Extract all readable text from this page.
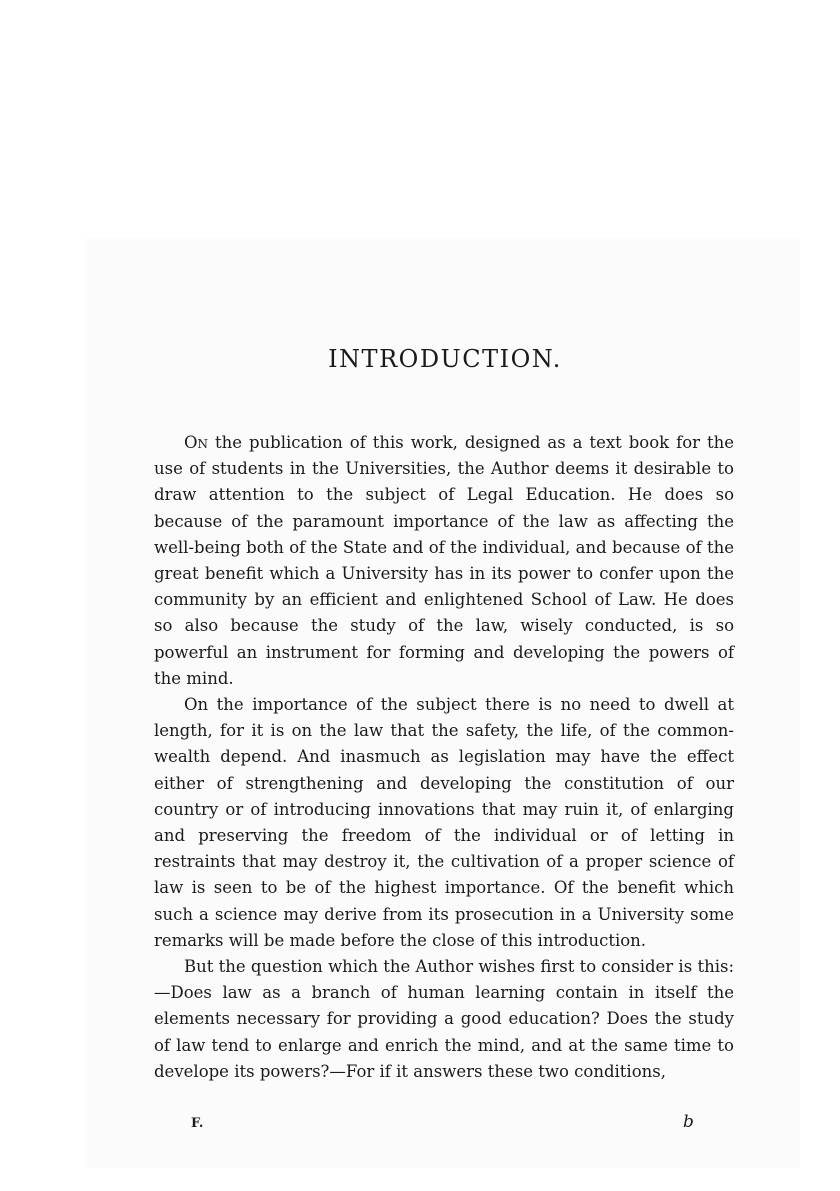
INTRODUCTION.

On the publication of this work, designed as a text book for the use of students in the Universities, the Author deems it desirable to draw attention to the subject of Legal Education. He does so because of the paramount importance of the law as affecting the well-being both of the State and of the individual, and because of the great benefit which a University has in its power to confer upon the community by an efficient and enlightened School of Law. He does so also because the study of the law, wisely conducted, is so powerful an instrument for forming and developing the powers of the mind.

On the importance of the subject there is no need to dwell at length, for it is on the law that the safety, the life, of the commonwealth depend. And inasmuch as legislation may have the effect either of strengthening and developing the constitution of our country or of introducing innovations that may ruin it, of enlarging and preserving the freedom of the individual or of letting in restraints that may destroy it, the cultivation of a proper science of law is seen to be of the highest importance. Of the benefit which such a science may derive from its prosecution in a University some remarks will be made before the close of this introduction.

But the question which the Author wishes first to consider is this:—Does law as a branch of human learning contain in itself the elements necessary for providing a good education? Does the study of law tend to enlarge and enrich the mind, and at the same time to develope its powers?—For if it answers these two conditions,

F.	b
